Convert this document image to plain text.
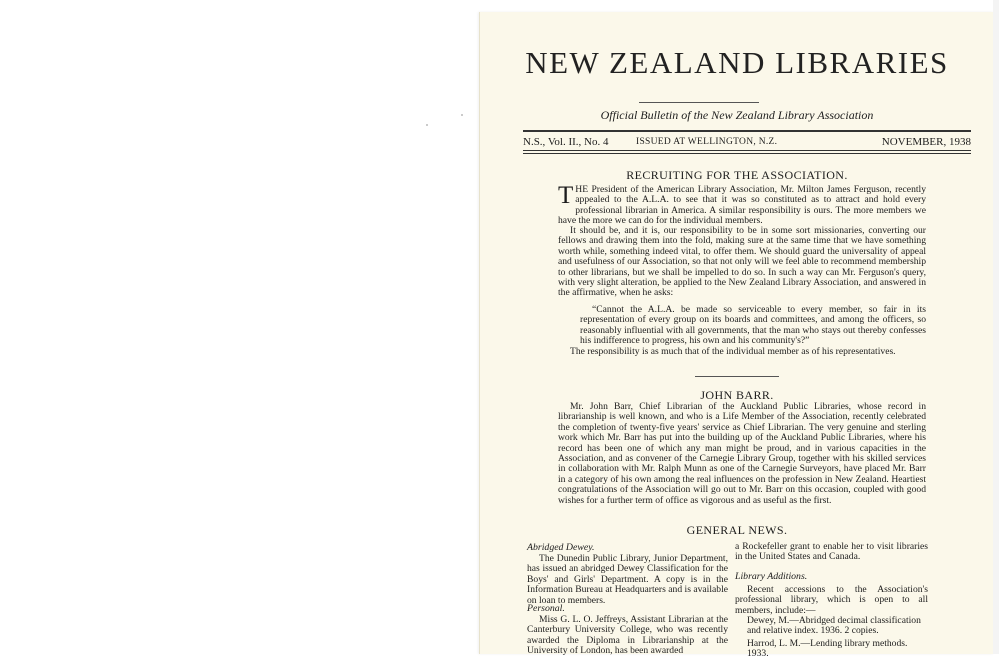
NEW ZEALAND LIBRARIES
Official Bulletin of the New Zealand Library Association
N.S., Vol. II., No. 4	ISSUED AT WELLINGTON, N.Z.	NOVEMBER, 1938
RECRUITING FOR THE ASSOCIATION.
THE President of the American Library Association, Mr. Milton James Ferguson, recently appealed to the A.L.A. to see that it was so constituted as to attract and hold every professional librarian in America. A similar responsibility is ours. The more members we have the more we can do for the individual members.

It should be, and it is, our responsibility to be in some sort missionaries, converting our fellows and drawing them into the fold, making sure at the same time that we have something worth while, something indeed vital, to offer them. We should guard the universality of appeal and usefulness of our Association, so that not only will we feel able to recommend membership to other librarians, but we shall be impelled to do so. In such a way can Mr. Ferguson's query, with very slight alteration, be applied to the New Zealand Library Association, and answered in the affirmative, when he asks:

“Cannot the A.L.A. be made so serviceable to every member, so fair in its representation of every group on its boards and committees, and among the officers, so reasonably influential with all governments, that the man who stays out thereby confesses his indifference to progress, his own and his community's?”

The responsibility is as much that of the individual member as of his representatives.

JOHN BARR.

Mr. John Barr, Chief Librarian of the Auckland Public Libraries, whose record in librarianship is well known, and who is a Life Member of the Association, recently celebrated the completion of twenty-five years' service as Chief Librarian. The very genuine and sterling work which Mr. Barr has put into the building up of the Auckland Public Libraries, where his record has been one of which any man might be proud, and in various capacities in the Association, and as convener of the Carnegie Library Group, together with his skilled services in collaboration with Mr. Ralph Munn as one of the Carnegie Surveyors, have placed Mr. Barr in a category of his own among the real influences on the profession in New Zealand. Heartiest congratulations of the Association will go out to Mr. Barr on this occasion, coupled with good wishes for a further term of office as vigorous and as useful as the first.

GENERAL NEWS.
Abridged Dewey.

The Dunedin Public Library, Junior Department, has issued an abridged Dewey Classification for the Boys' and Girls' Department. A copy is in the Information Bureau at Headquarters and is available on loan to members.

Personal.

Miss G. L. O. Jeffreys, Assistant Librarian at the Canterbury University College, who was recently awarded the Diploma in Librarianship at the University of London, has been awarded

a Rockefeller grant to enable her to visit libraries in the United States and Canada.

Library Additions.

Recent accessions to the Association's professional library, which is open to all members, include:—

Dewey, M.—Abridged decimal classification and relative index. 1936. 2 copies.

Harrod, L. M.—Lending library methods. 1933.
